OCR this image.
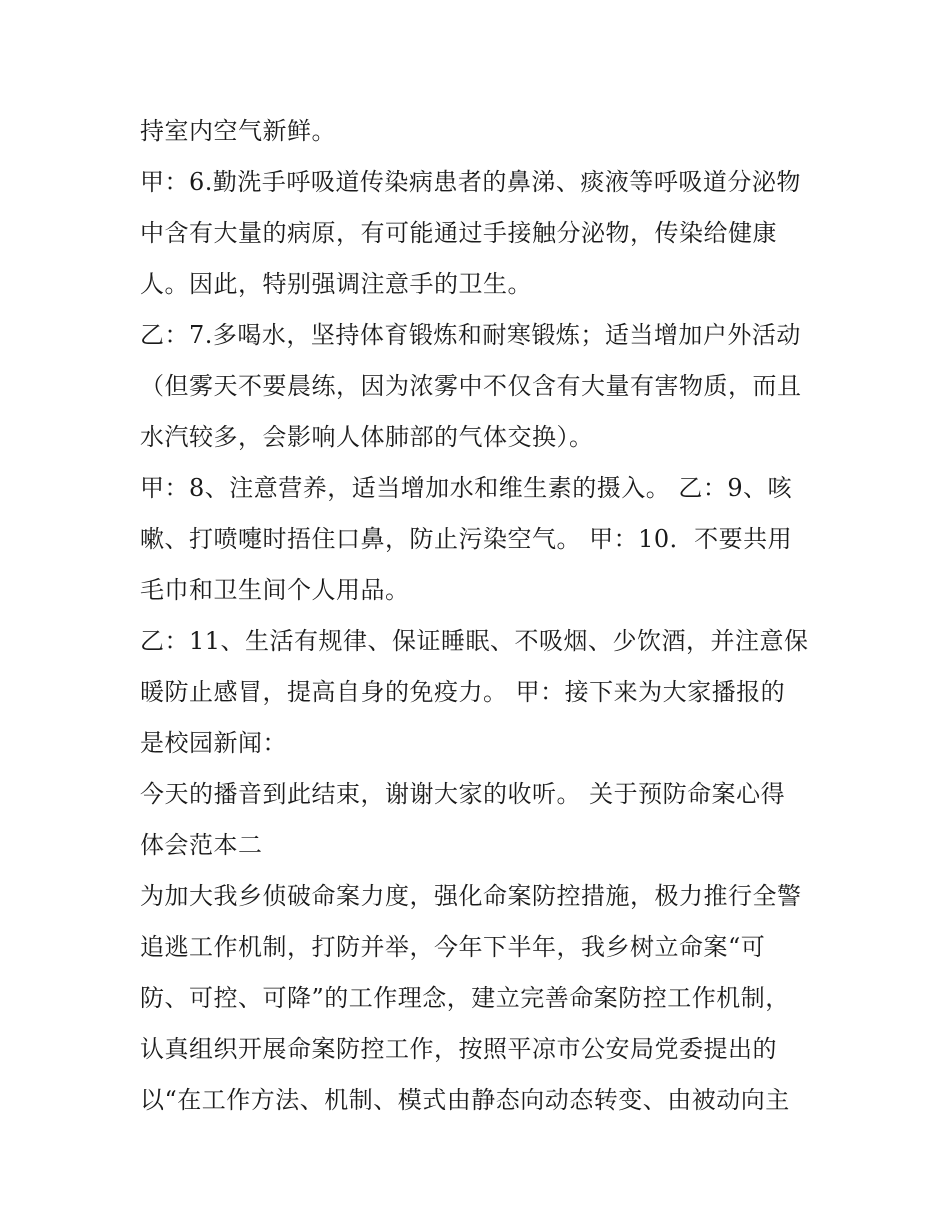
持室内空气新鲜。
甲：6.勤洗手呼吸道传染病患者的鼻涕、痰液等呼吸道分泌物
中含有大量的病原，有可能通过手接触分泌物，传染给健康
人。因此，特别强调注意手的卫生。
乙：7.多喝水，坚持体育锻炼和耐寒锻炼；适当增加户外活动
（但雾天不要晨练，因为浓雾中不仅含有大量有害物质，而且
水汽较多，会影响人体肺部的气体交换）。
甲：8、注意营养，适当增加水和维生素的摄入。 乙：9、咳
嗽、打喷嚏时捂住口鼻，防止污染空气。 甲：10．不要共用
毛巾和卫生间个人用品。
乙：11、生活有规律、保证睡眠、不吸烟、少饮酒，并注意保
暖防止感冒，提高自身的免疫力。 甲：接下来为大家播报的
是校园新闻：
今天的播音到此结束，谢谢大家的收听。 关于预防命案心得
体会范本二
为加大我乡侦破命案力度，强化命案防控措施，极力推行全警
追逃工作机制，打防并举，今年下半年，我乡树立命案“可
防、可控、可降”的工作理念，建立完善命案防控工作机制，
认真组织开展命案防控工作，按照平凉市公安局党委提出的
以“在工作方法、机制、模式由静态向动态转变、由被动向主
